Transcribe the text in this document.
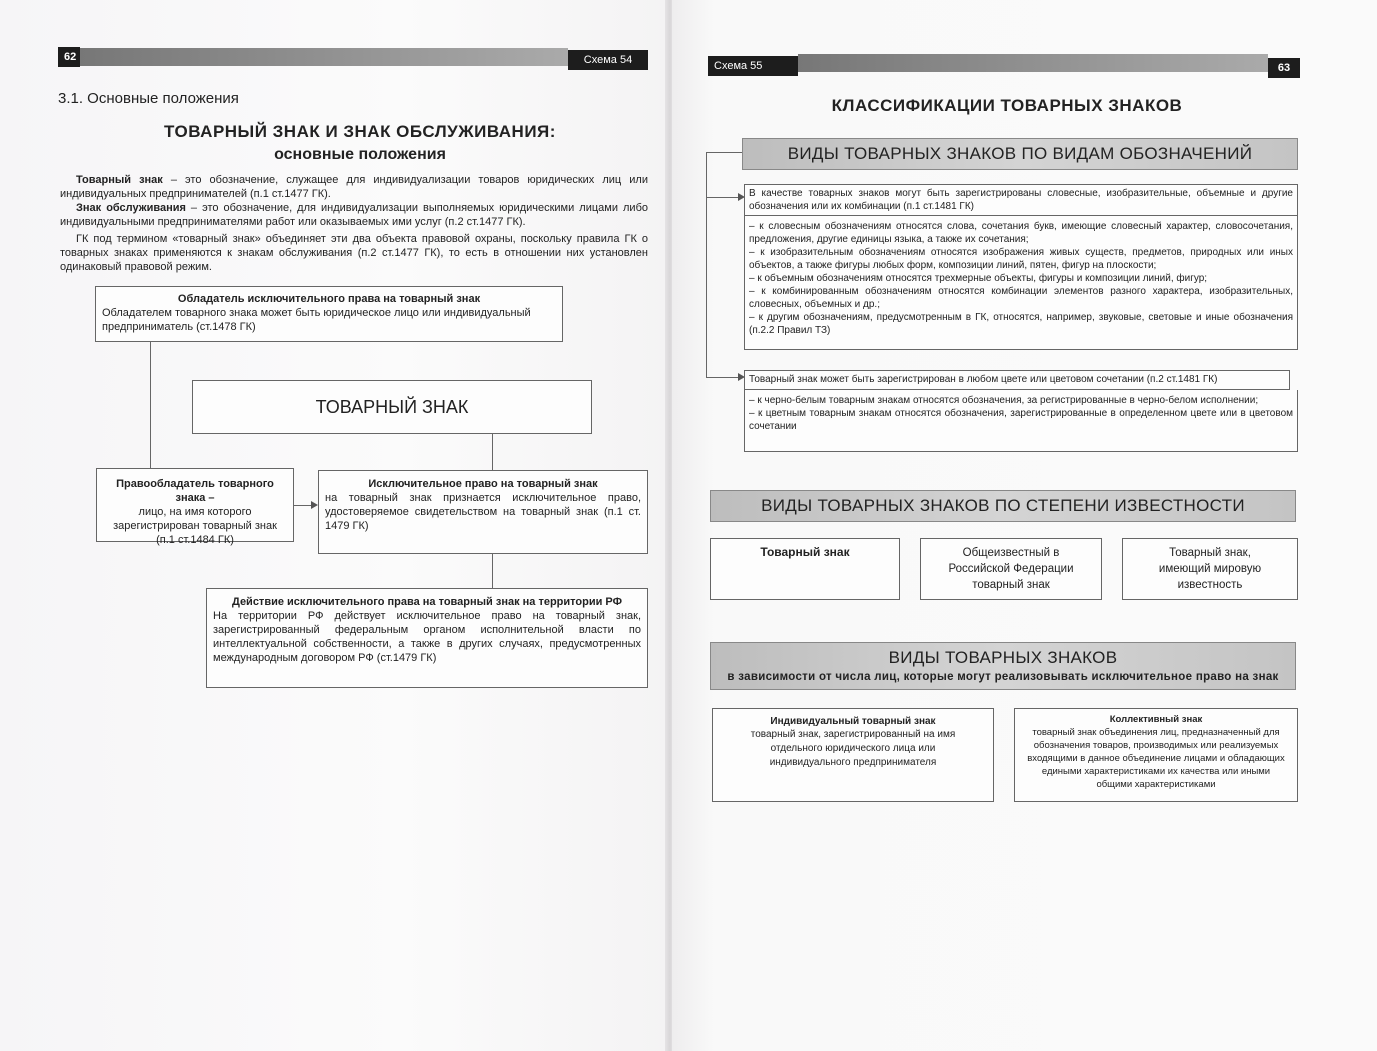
62	Схема 54
3.1. Основные положения
ТОВАРНЫЙ ЗНАК И ЗНАК ОБСЛУЖИВАНИЯ:
основные положения
Товарный знак – это обозначение, служащее для индивидуализации товаров юридических лиц или индивидуальных предпринимателей (п.1 ст.1477 ГК).
Знак обслуживания – это обозначение, для индивидуализации выполняемых юридическими лицами либо индивидуальными предпринимателями работ или оказываемых ими услуг (п.2 ст.1477 ГК).
ГК под термином «товарный знак» объединяет эти два объекта правовой охраны, поскольку правила ГК о товарных знаках применяются к знакам обслуживания (п.2 ст.1477 ГК), то есть в отношении них установлен одинаковый правовой режим.
Обладатель исключительного права на товарный знак
Обладателем товарного знака может быть юридическое лицо или индивидуальный предприниматель (ст.1478 ГК)
ТОВАРНЫЙ ЗНАК
Правообладатель товарного знака –
лицо, на имя которого зарегистрирован товарный знак (п.1 ст.1484 ГК)
Исключительное право на товарный знак
на товарный знак признается исключительное право, удостоверяемое свидетельством на товарный знак (п.1 ст. 1479 ГК)
Действие исключительного права на товарный знак на территории РФ
На территории РФ действует исключительное право на товарный знак, зарегистрированный федеральным органом исполнительной власти по интеллектуальной собственности, а также в других случаях, предусмотренных международным договором РФ (ст.1479 ГК)
Схема 55	63
КЛАССИФИКАЦИИ ТОВАРНЫХ ЗНАКОВ
ВИДЫ ТОВАРНЫХ ЗНАКОВ ПО ВИДАМ ОБОЗНАЧЕНИЙ
В качестве товарных знаков могут быть зарегистрированы словесные, изобразительные, объемные и другие обозначения или их комбинации (п.1 ст.1481 ГК)
– к словесным обозначениям относятся слова, сочетания букв, имеющие словесный характер, словосочетания, предложения, другие единицы языка, а также их сочетания;
– к изобразительным обозначениям относятся изображения живых существ, предметов, природных или иных объектов, а также фигуры любых форм, композиции линий, пятен, фигур на плоскости;
– к объемным обозначениям относятся трехмерные объекты, фигуры и композиции линий, фигур;
– к комбинированным обозначениям относятся комбинации элементов разного характера, изобразительных, словесных, объемных и др.;
– к другим обозначениям, предусмотренным в ГК, относятся, например, звуковые, световые и иные обозначения (п.2.2 Правил ТЗ)
Товарный знак может быть зарегистрирован в любом цвете или цветовом сочетании (п.2 ст.1481 ГК)
– к черно-белым товарным знакам относятся обозначения, за регистрированные в черно-белом исполнении;
– к цветным товарным знакам относятся обозначения, зарегистрированные в определенном цвете или в цветовом сочетании
ВИДЫ ТОВАРНЫХ ЗНАКОВ ПО СТЕПЕНИ ИЗВЕСТНОСТИ
Товарный знак	Общеизвестный в Российской Федерации товарный знак
Товарный знак, имеющий мировую известность
ВИДЫ ТОВАРНЫХ ЗНАКОВ
в зависимости от числа лиц, которые могут реализовывать исключительное право на знак
Индивидуальный товарный знак
товарный знак, зарегистрированный на имя отдельного юридического лица или индивидуального предпринимателя
Коллективный знак
товарный знак объединения лиц, предназначенный для обозначения товаров, производимых или реализуемых входящими в данное объединение лицами и обладающих едиными характеристиками их качества или иными общими характеристиками
